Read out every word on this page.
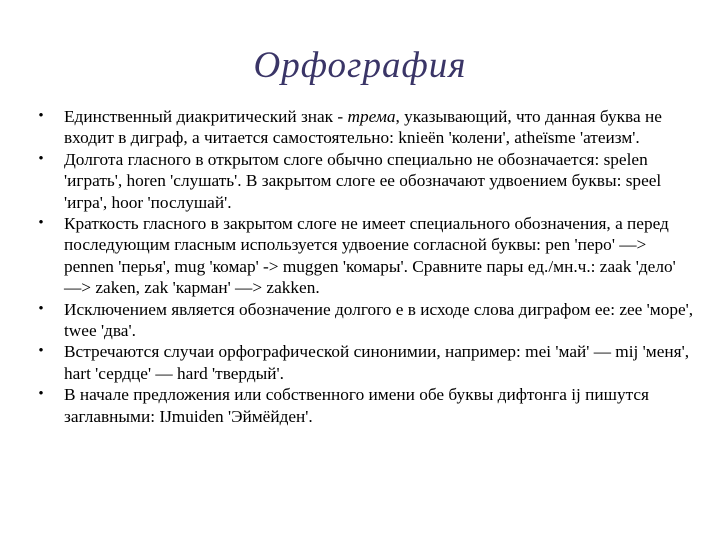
Орфография
• Единственный диакритический знак - трема, указывающий, что данная буква не входит в диграф, а читается самостоятельно: knieën 'колени', atheïsme 'атеизм'.
• Долгота гласного в открытом слоге обычно специально не обозначается: spelen 'играть', horen 'слушать'. В закрытом слоге ее обозначают удвоением буквы: speel 'игра', hoor 'послушай'.
• Краткость гласного в закрытом слоге не имеет специального обозначения, а перед последующим гласным используется удвоение согласной буквы: pen 'перо' —> pennen 'перья', mug 'комар' -> muggen 'комары'. Сравните пары ед./мн.ч.: zaak 'дело' —> zaken, zak 'карман' —> zakken.
• Исключением является обозначение долгого е в исходе слова диграфом ee: zee 'море', twee 'два'.
• Встречаются случаи орфографической синонимии, например: mei 'май' — mij 'меня', hart 'сердце' — hard 'твердый'.
• В начале предложения или собственного имени обе буквы дифтонга ij пишутся заглавными: IJmuiden 'Эймёйден'.
